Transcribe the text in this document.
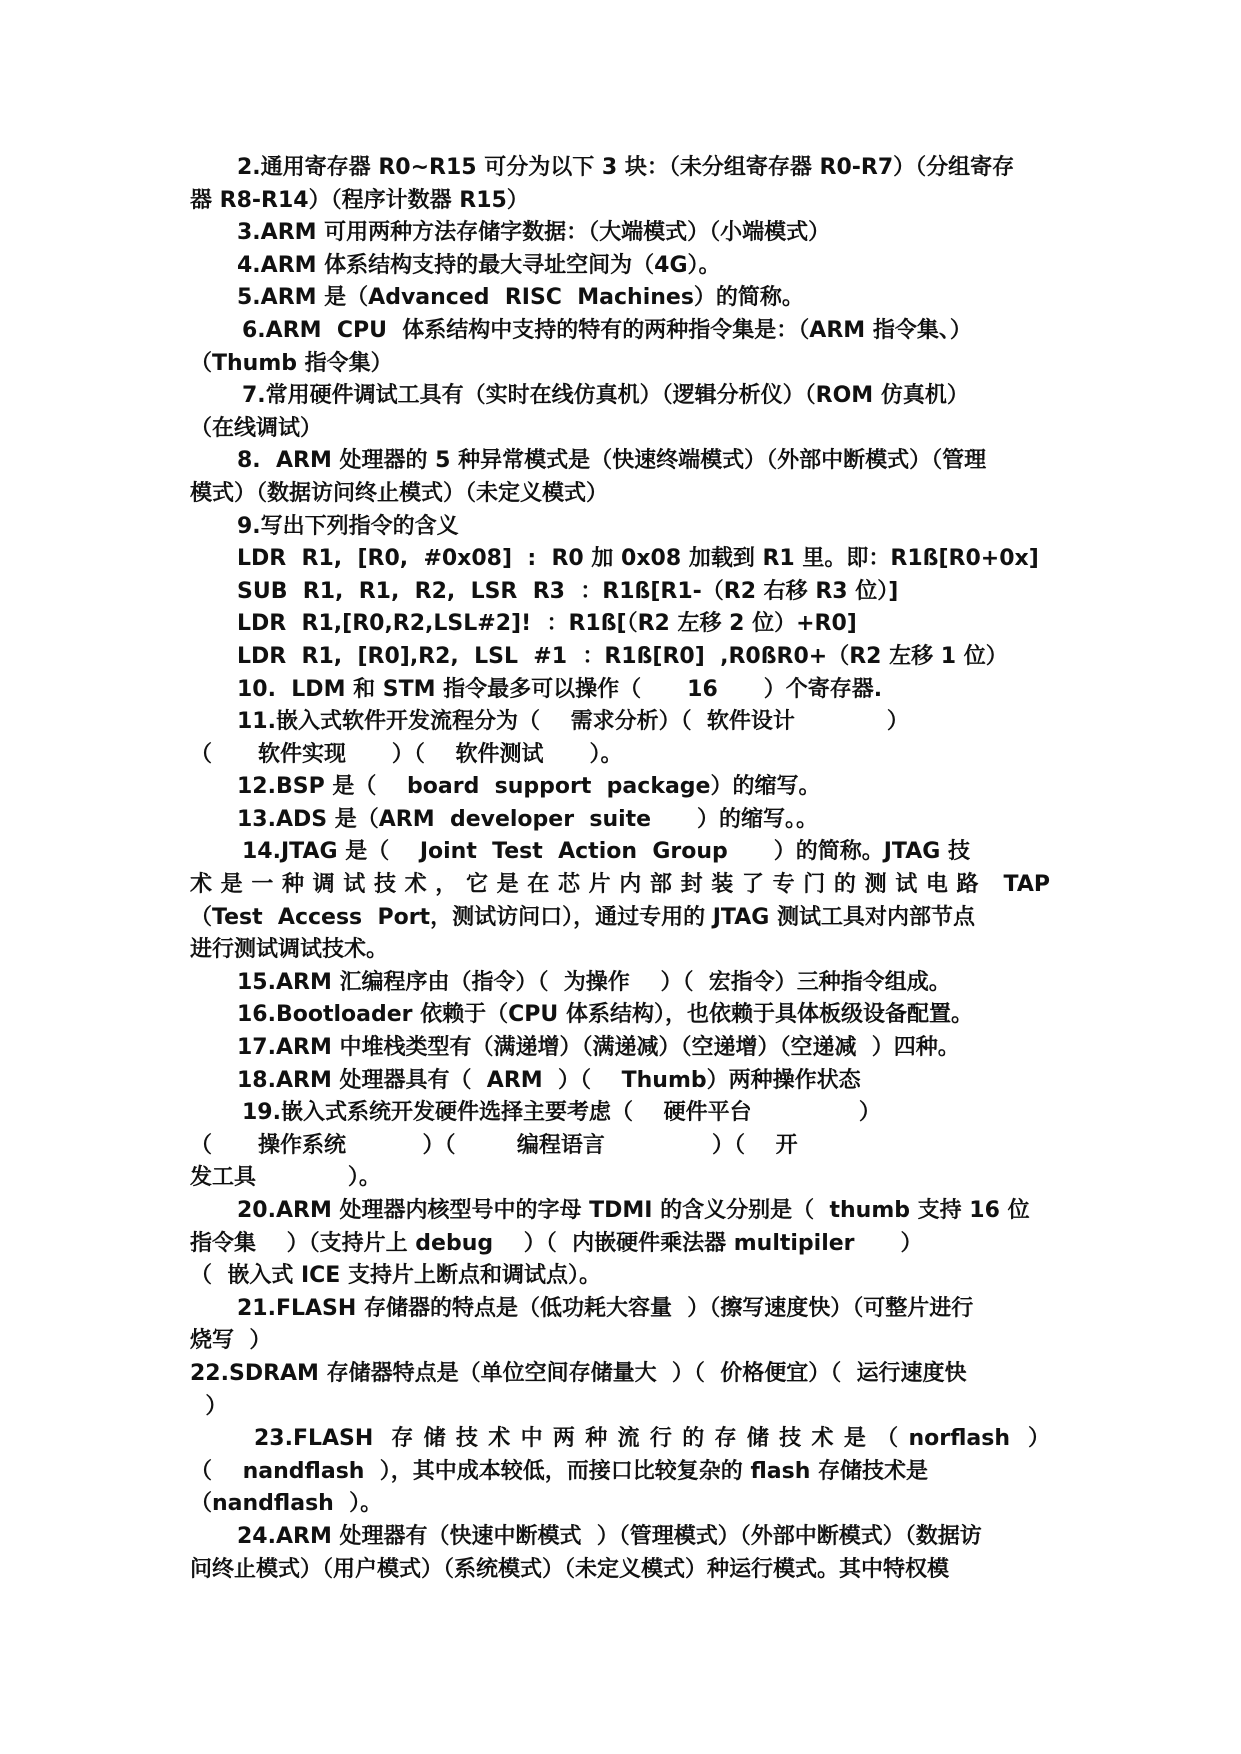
2.通用寄存器 R0~R15 可分为以下 3 块：（未分组寄存器 R0-R7）（分组寄存
器 R8-R14）（程序计数器 R15）
3.ARM 可用两种方法存储字数据：（大端模式）（小端模式）
4.ARM 体系结构支持的最大寻址空间为（4G）。
5.ARM 是（Advanced  RISC  Machines）的简称。
6.ARM  CPU  体系结构中支持的特有的两种指令集是：（ARM 指令集、）
（Thumb 指令集）
7.常用硬件调试工具有（实时在线仿真机）（逻辑分析仪）（ROM 仿真机）
（在线调试）
8.  ARM 处理器的 5 种异常模式是（快速终端模式）（外部中断模式）（管理
模式）（数据访问终止模式）（未定义模式）
9.写出下列指令的含义
LDR  R1,  [R0,  #0x08]  :  R0 加 0x08 加载到 R1 里。即：R1ß[R0+0x]
SUB  R1,  R1,  R2,  LSR  R3  ：R1ß[R1-（R2 右移 R3 位）]
LDR  R1,[R0,R2,LSL#2]!  ：R1ß[（R2 左移 2 位）+R0]
LDR  R1,  [R0],R2,  LSL  #1  ：R1ß[R0]  ,R0ßR0+（R2 左移 1 位）
10.  LDM 和 STM 指令最多可以操作（      16      ）个寄存器.
11.嵌入式软件开发流程分为（    需求分析）（  软件设计            ）
（      软件实现      ）（    软件测试      ）。
12.BSP 是（    board  support  package）的缩写。
13.ADS 是（ARM  developer  suite      ）的缩写。。
14.JTAG 是（    Joint  Test  Action  Group      ）的简称。JTAG 技
术是一种调试技术，它是在芯片内部封装了专门的测试电路 TAP
（Test  Access  Port，测试访问口），通过专用的 JTAG 测试工具对内部节点
进行测试调试技术。
15.ARM 汇编程序由（指令）（  为操作    ）（  宏指令）三种指令组成。
16.Bootloader 依赖于（CPU 体系结构），也依赖于具体板级设备配置。
17.ARM 中堆栈类型有（满递增）（满递减）（空递增）（空递减  ）四种。
18.ARM 处理器具有（  ARM  ）（    Thumb）两种操作状态
19.嵌入式系统开发硬件选择主要考虑（    硬件平台              ）
（      操作系统          ）（        编程语言              ）（    开
发工具            ）。
20.ARM 处理器内核型号中的字母 TDMI 的含义分别是（  thumb 支持 16 位
指令集    ）（支持片上 debug    ）（  内嵌硬件乘法器 multipiler      ）
（  嵌入式 ICE 支持片上断点和调试点）。
21.FLASH 存储器的特点是（低功耗大容量  ）（擦写速度快）（可整片进行
烧写  ）
22.SDRAM 存储器特点是（单位空间存储量大  ）（  价格便宜）（  运行速度快
）
23.FLASH 存储技术中两种流行的存储技术是（norflash ）
（    nandflash  ），其中成本较低，而接口比较复杂的 flash 存储技术是
（nandflash  ）。
24.ARM 处理器有（快速中断模式  ）（管理模式）（外部中断模式）（数据访
问终止模式）（用户模式）（系统模式）（未定义模式）种运行模式。其中特权模
